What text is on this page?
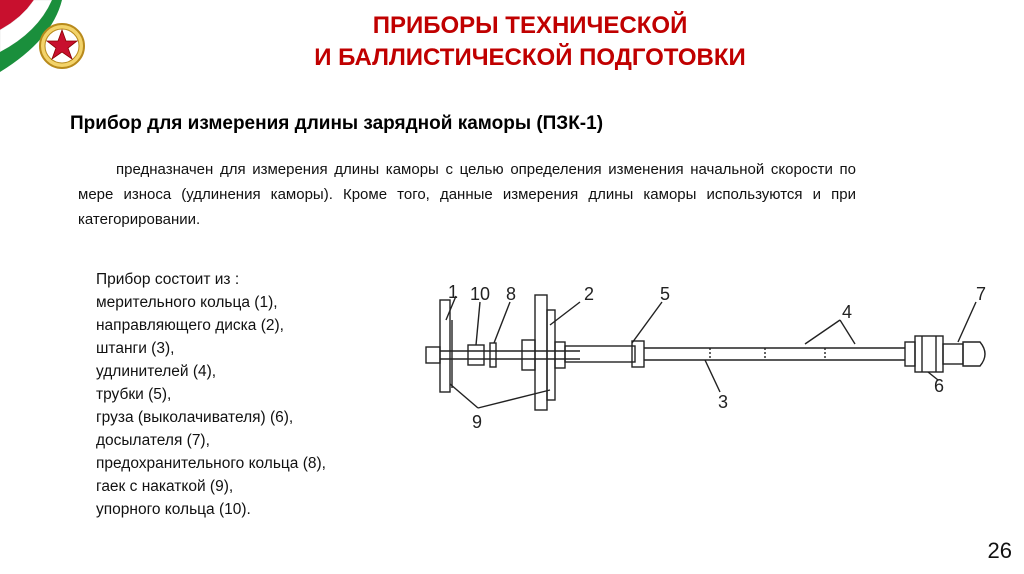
ПРИБОРЫ ТЕХНИЧЕСКОЙ
И БАЛЛИСТИЧЕСКОЙ ПОДГОТОВКИ
Прибор для измерения длины зарядной каморы (ПЗК-1)
предназначен для измерения длины каморы с целью определения изменения начальной скорости по мере износа (удлинения каморы). Кроме того, данные измерения длины каморы используются и при категорировании.
Прибор состоит из :
мерительного кольца (1),
направляющего диска (2),
штанги (3),
удлинителей (4),
трубки (5),
груза (выколачивателя) (6),
досылателя (7),
предохранительного кольца (8),
гаек с накаткой (9),
упорного кольца (10).
1 10 8	2	5
4
7
9
3
6
26
